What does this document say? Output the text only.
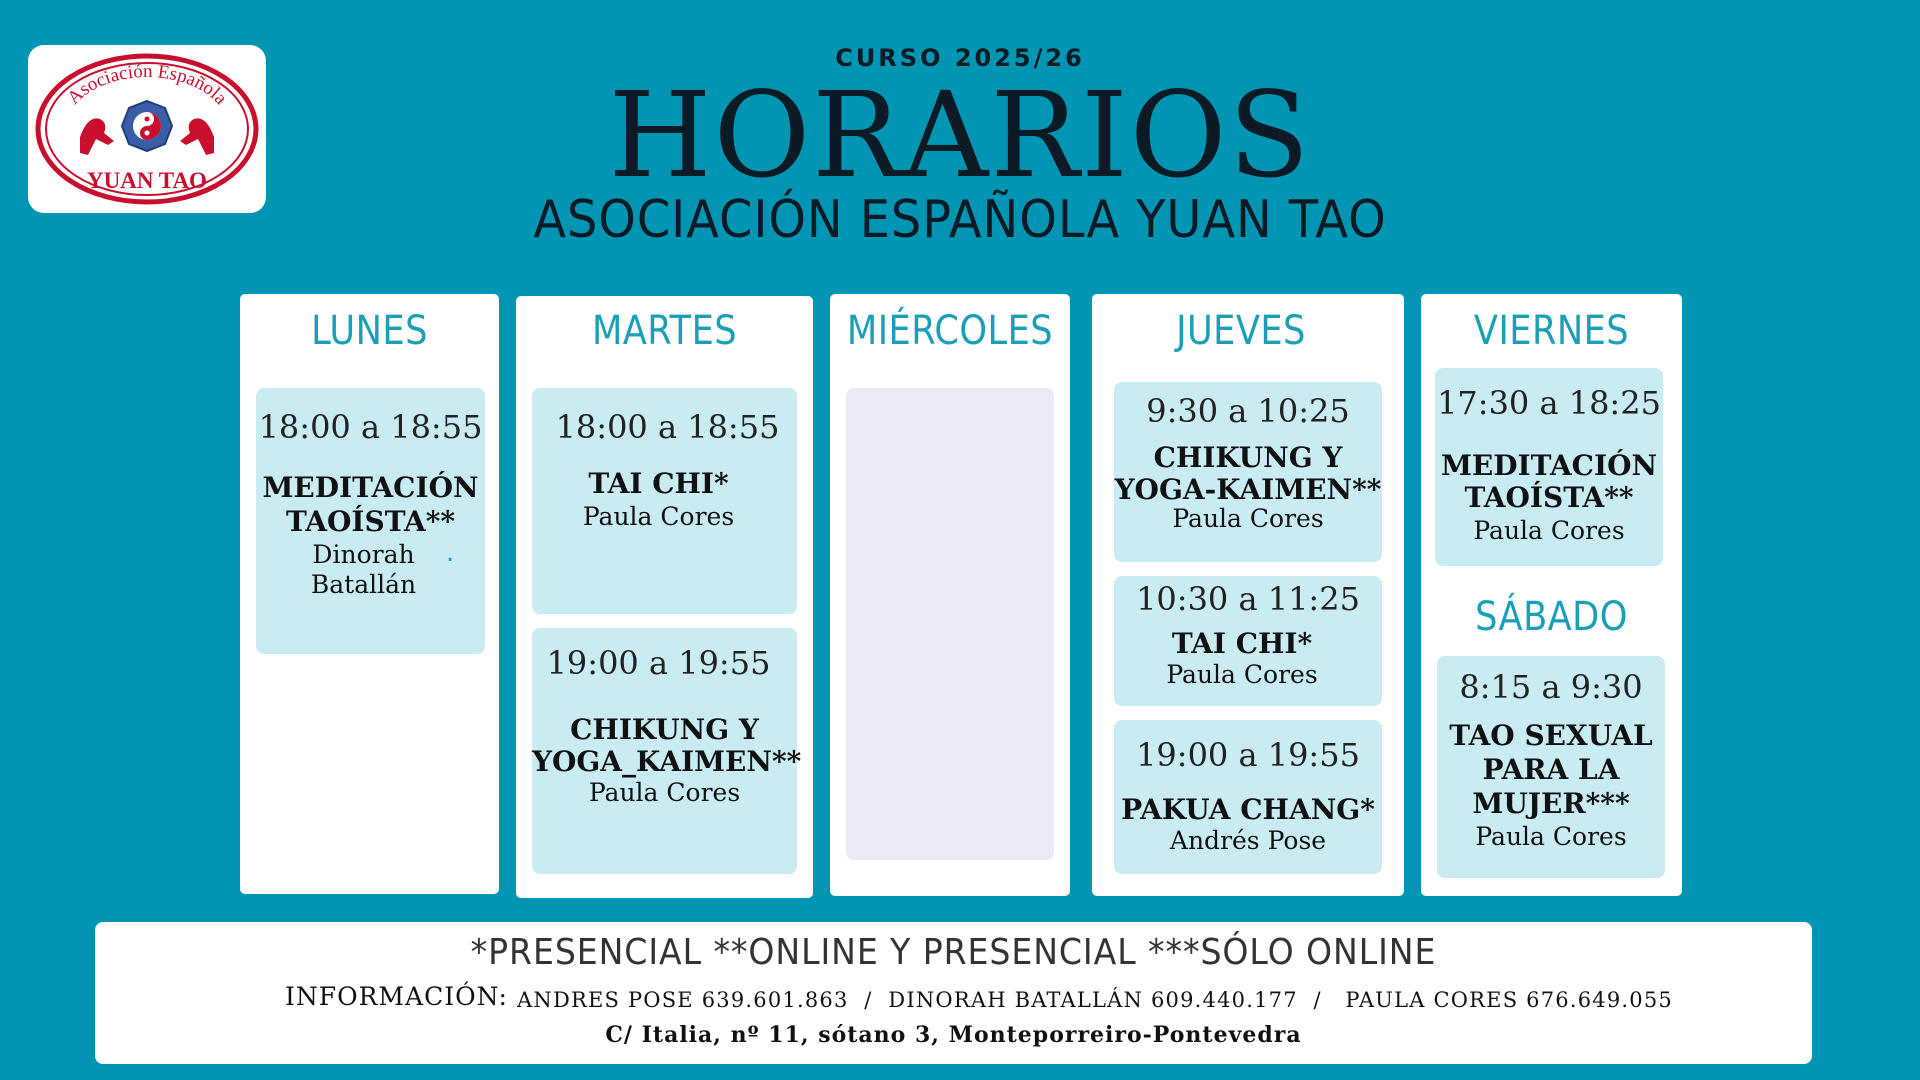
Asociación Española
YUAN TAO
CURSO 2025/26
HORARIOS
ASOCIACIÓN ESPAÑOLA YUAN TAO
LUNES
18:00 a 18:55
MEDITACIÓN
TAOÍSTA**
Dinorah
Batallán
.
MARTES
18:00 a 18:55
TAI CHI*
Paula Cores
19:00 a 19:55
CHIKUNG Y
YOGA_KAIMEN**
Paula Cores
MIÉRCOLES	JUEVES
9:30 a 10:25
CHIKUNG Y
YOGA-KAIMEN**
Paula Cores
10:30 a 11:25
TAI CHI*
Paula Cores
19:00 a 19:55
PAKUA CHANG*
Andrés Pose
VIERNES
17:30 a 18:25
MEDITACIÓN
TAOÍSTA**
Paula Cores
SÁBADO
8:15 a 9:30
TAO SEXUAL
PARA LA
MUJER***
Paula Cores
*PRESENCIAL **ONLINE Y PRESENCIAL ***SÓLO ONLINE
INFORMACIÓN: ANDRES POSE 639.601.863  /  DINORAH BATALLÁN 609.440.177  /   PAULA CORES 676.649.055
C/ Italia, nº 11, sótano 3, Monteporreiro-Pontevedra
